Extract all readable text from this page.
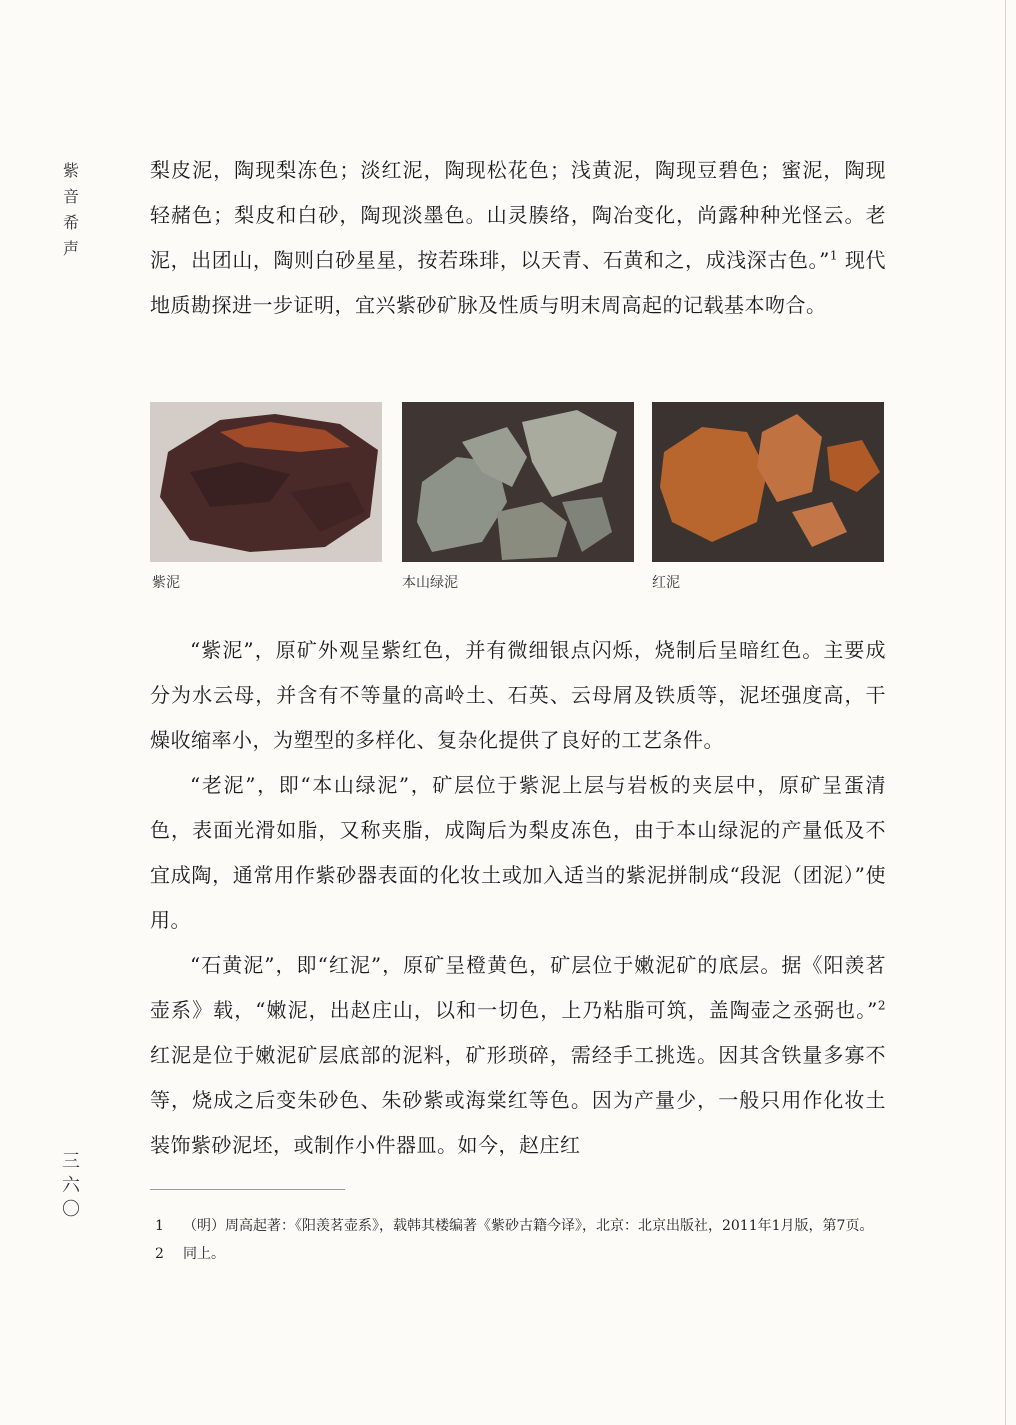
紫
音
希
声

梨皮泥，陶现梨冻色；淡红泥，陶现松花色；浅黄泥，陶现豆碧色；蜜泥，陶现轻赭色；梨皮和白砂，陶现淡墨色。山灵腠络，陶冶变化，尚露种种光怪云。老泥，出团山，陶则白砂星星，按若珠琲，以天青、石黄和之，成浅深古色。”$^1$ 现代地质勘探进一步证明，宜兴紫砂矿脉及性质与明末周高起的记载基本吻合。

紫泥	本山绿泥	红泥

“紫泥”，原矿外观呈紫红色，并有微细银点闪烁，烧制后呈暗红色。主要成分为水云母，并含有不等量的高岭土、石英、云母屑及铁质等，泥坯强度高，干燥收缩率小，为塑型的多样化、复杂化提供了良好的工艺条件。

“老泥”，即“本山绿泥”，矿层位于紫泥上层与岩板的夹层中，原矿呈蛋清色，表面光滑如脂，又称夹脂，成陶后为梨皮冻色，由于本山绿泥的产量低及不宜成陶，通常用作紫砂器表面的化妆土或加入适当的紫泥拼制成“段泥（团泥）”使用。

“石黄泥”，即“红泥”，原矿呈橙黄色，矿层位于嫩泥矿的底层。据《阳羡茗壶系》载，“嫩泥，出赵庄山，以和一切色，上乃粘脂可筑，盖陶壶之丞弼也。”$^2$红泥是位于嫩泥矿层底部的泥料，矿形琐碎，需经手工挑选。因其含铁量多寡不等，烧成之后变朱砂色、朱砂紫或海棠红等色。因为产量少，一般只用作化妆土装饰紫砂泥坯，或制作小件器皿。如今，赵庄红

三
六
〇
1	（明）周高起著：《阳羡茗壶系》，载韩其楼编著《紫砂古籍今译》，北京：北京出版社，2011年1月版，第7页。
2	同上。
